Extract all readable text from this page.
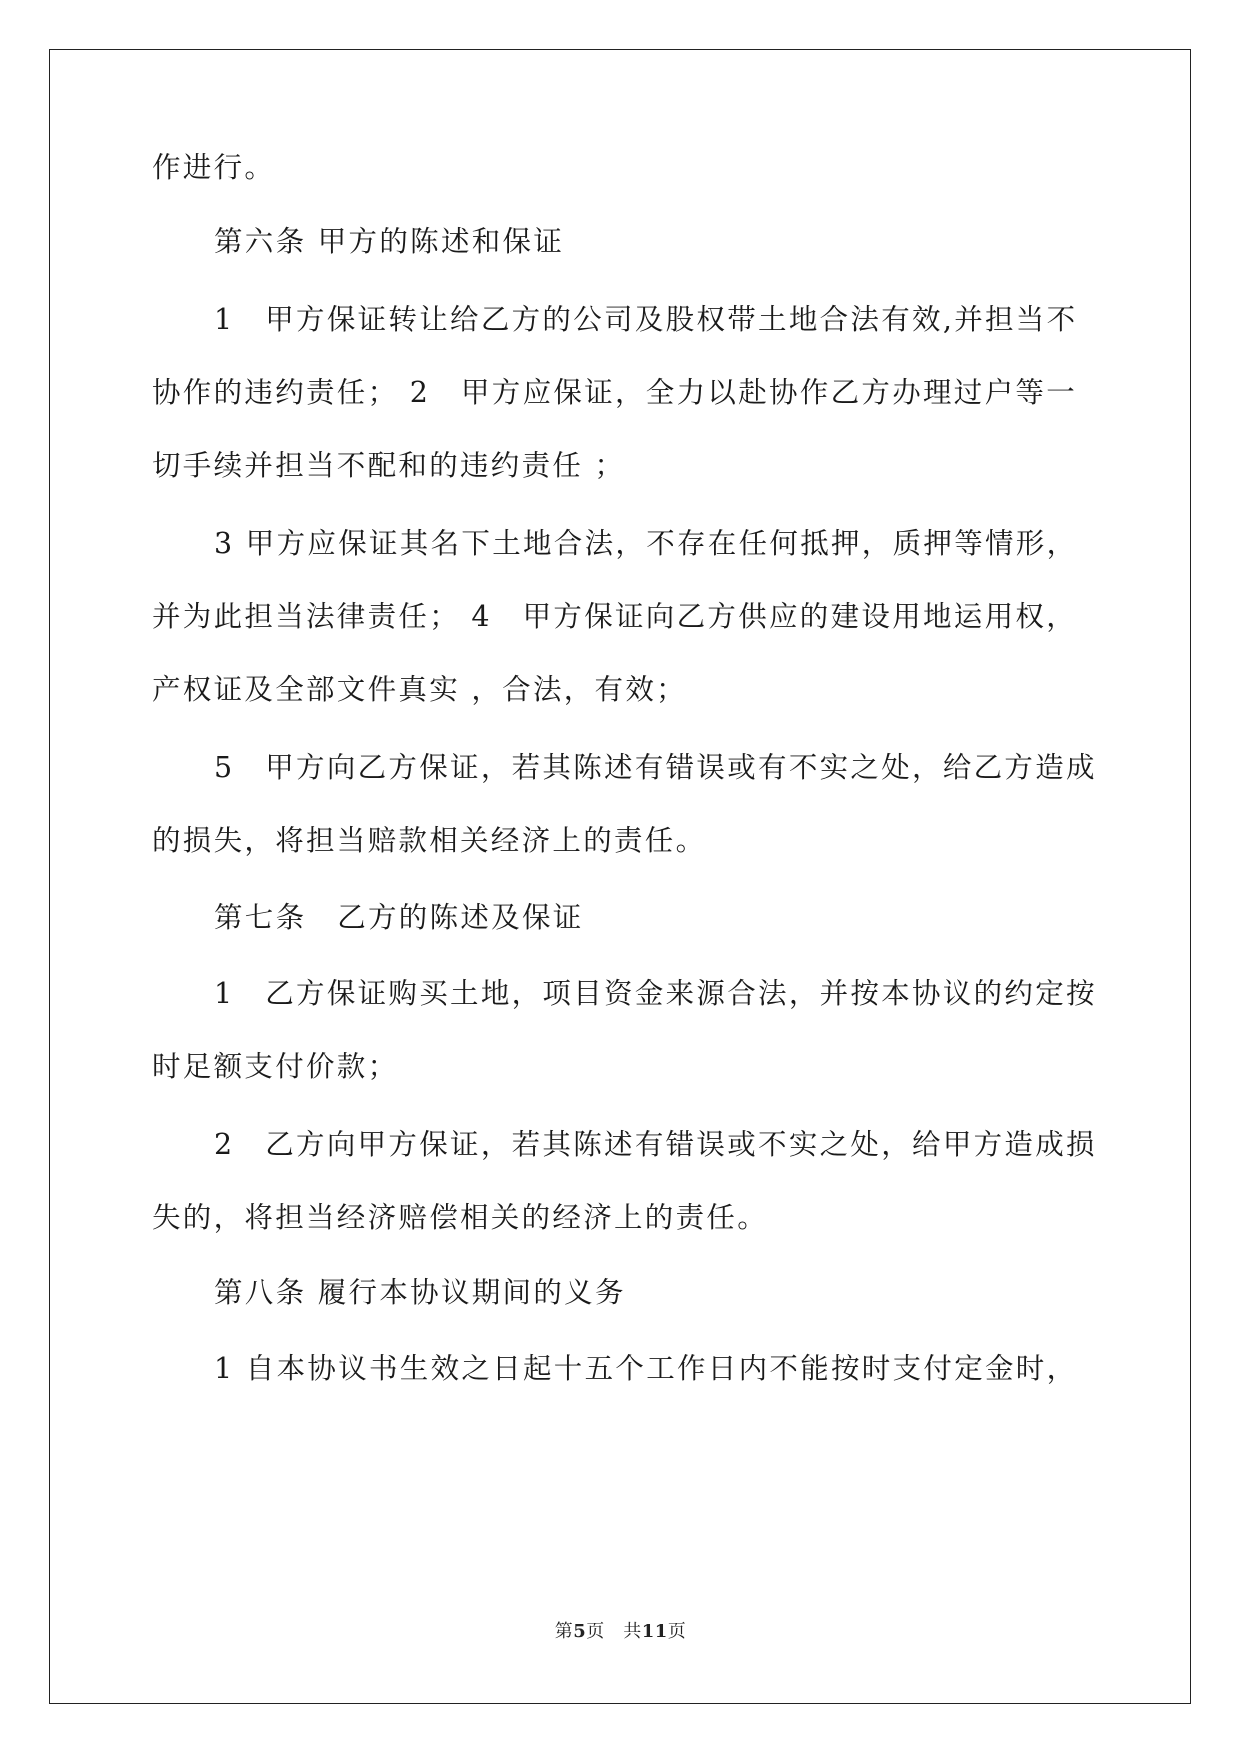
作进行。
第六条 甲方的陈述和保证
1　甲方保证转让给乙方的公司及股权带土地合法有效,并担当不
协作的违约责任； 2　甲方应保证，全力以赴协作乙方办理过户等一
切手续并担当不配和的违约责任 ；
3 甲方应保证其名下土地合法，不存在任何抵押，质押等情形，
并为此担当法律责任； 4　甲方保证向乙方供应的建设用地运用权，
产权证及全部文件真实 ，合法，有效；
5　甲方向乙方保证，若其陈述有错误或有不实之处，给乙方造成
的损失，将担当赔款相关经济上的责任。
第七条　乙方的陈述及保证
1　乙方保证购买土地，项目资金来源合法，并按本协议的约定按
时足额支付价款；
2　乙方向甲方保证，若其陈述有错误或不实之处，给甲方造成损
失的，将担当经济赔偿相关的经济上的责任。
第八条 履行本协议期间的义务
1 自本协议书生效之日起十五个工作日内不能按时支付定金时，
第5页　共11页
